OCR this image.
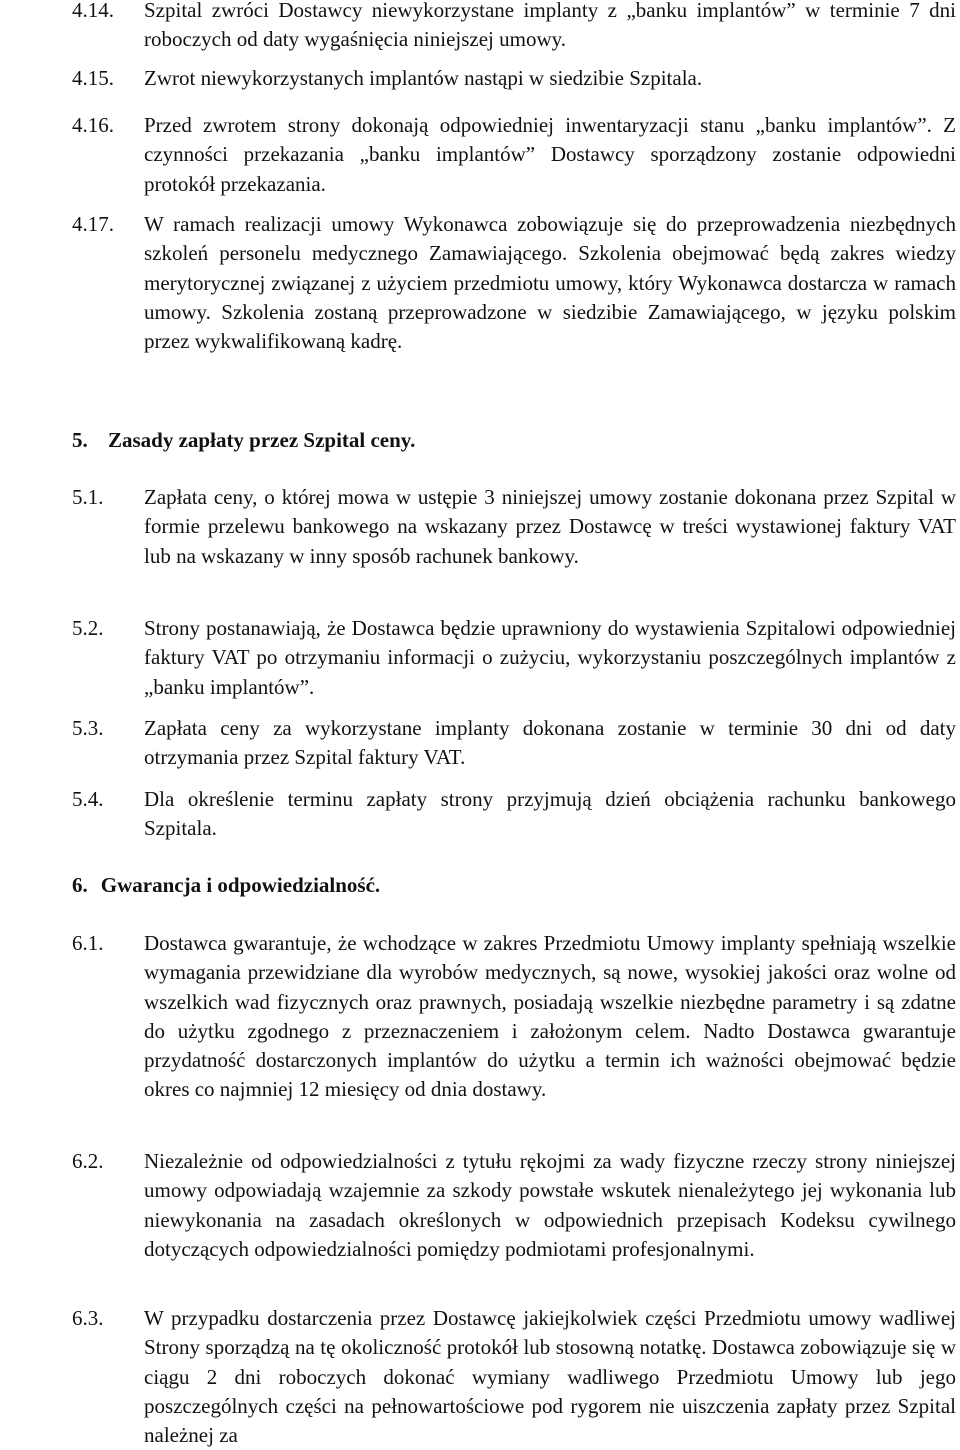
4.14.	Szpital zwróci Dostawcy niewykorzystane implanty z „banku implantów” w terminie 7 dni roboczych od daty wygaśnięcia niniejszej umowy.
4.15.	Zwrot niewykorzystanych implantów nastąpi w siedzibie Szpitala.
4.16.	Przed zwrotem strony dokonają odpowiedniej inwentaryzacji stanu „banku implantów”. Z czynności przekazania „banku implantów” Dostawcy sporządzony zostanie odpowiedni protokół przekazania.
4.17.	W ramach realizacji umowy Wykonawca zobowiązuje się do przeprowadzenia niezbędnych szkoleń personelu medycznego Zamawiającego. Szkolenia obejmować będą zakres wiedzy merytorycznej związanej z użyciem przedmiotu umowy, który Wykonawca dostarcza w ramach umowy. Szkolenia zostaną przeprowadzone w siedzibie Zamawiającego, w języku polskim przez wykwalifikowaną kadrę.
5. Zasady zapłaty przez Szpital ceny.
5.1.	Zapłata ceny, o której mowa w ustępie 3 niniejszej umowy zostanie dokonana przez Szpital w formie przelewu bankowego na wskazany przez Dostawcę w treści wystawionej faktury VAT lub na wskazany w inny sposób rachunek bankowy.
5.2.	Strony postanawiają, że Dostawca będzie uprawniony do wystawienia Szpitalowi odpowiedniej faktury VAT po otrzymaniu informacji o zużyciu, wykorzystaniu poszczególnych implantów z „banku implantów”.
5.3.	Zapłata ceny za wykorzystane implanty dokonana zostanie w terminie 30 dni od daty otrzymania przez Szpital faktury VAT.
5.4.	Dla określenie terminu zapłaty strony przyjmują dzień obciążenia rachunku bankowego Szpitala.
6. Gwarancja i odpowiedzialność.
6.1.	Dostawca gwarantuje, że wchodzące w zakres Przedmiotu Umowy implanty spełniają wszelkie wymagania przewidziane dla wyrobów medycznych, są nowe, wysokiej jakości oraz wolne od wszelkich wad fizycznych oraz prawnych, posiadają wszelkie niezbędne parametry i są zdatne do użytku zgodnego z przeznaczeniem i założonym celem. Nadto Dostawca gwarantuje przydatność dostarczonych implantów do użytku a termin ich ważności obejmować będzie okres co najmniej 12 miesięcy od dnia dostawy.
6.2.	Niezależnie od odpowiedzialności z tytułu rękojmi za wady fizyczne rzeczy strony niniejszej umowy odpowiadają wzajemnie za szkody powstałe wskutek nienależytego jej wykonania lub niewykonania na zasadach określonych w odpowiednich przepisach Kodeksu cywilnego dotyczących odpowiedzialności pomiędzy podmiotami profesjonalnymi.
6.3.	W przypadku dostarczenia przez Dostawcę jakiejkolwiek części Przedmiotu umowy wadliwej Strony sporządzą na tę okoliczność protokół lub stosowną notatkę. Dostawca zobowiązuje się w ciągu 2 dni roboczych dokonać wymiany wadliwego Przedmiotu Umowy lub jego poszczególnych części na pełnowartościowe pod rygorem nie uiszczenia zapłaty przez Szpital należnej za
